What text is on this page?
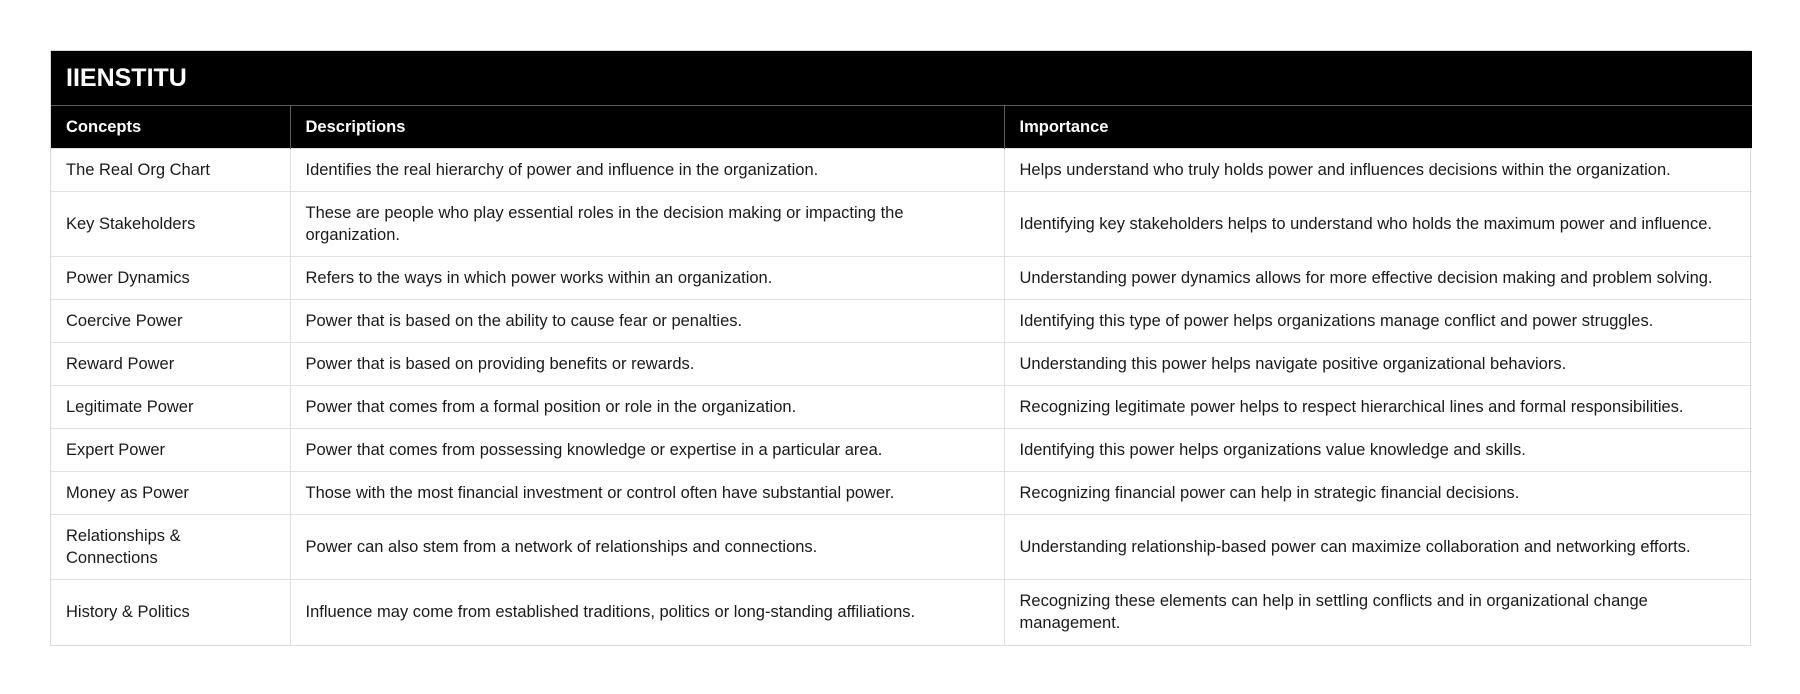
IIENSTITU
Concepts	Descriptions	Importance
The Real Org Chart	Identifies the real hierarchy of power and influence in the organization.	Helps understand who truly holds power and influences decisions within the organization.
Key Stakeholders	These are people who play essential roles in the decision making or impacting the organization.	Identifying key stakeholders helps to understand who holds the maximum power and influence.
Power Dynamics	Refers to the ways in which power works within an organization.	Understanding power dynamics allows for more effective decision making and problem solving.
Coercive Power	Power that is based on the ability to cause fear or penalties.	Identifying this type of power helps organizations manage conflict and power struggles.
Reward Power	Power that is based on providing benefits or rewards.	Understanding this power helps navigate positive organizational behaviors.
Legitimate Power	Power that comes from a formal position or role in the organization.	Recognizing legitimate power helps to respect hierarchical lines and formal responsibilities.
Expert Power	Power that comes from possessing knowledge or expertise in a particular area.	Identifying this power helps organizations value knowledge and skills.
Money as Power	Those with the most financial investment or control often have substantial power.	Recognizing financial power can help in strategic financial decisions.
Relationships & Connections	Power can also stem from a network of relationships and connections.	Understanding relationship-based power can maximize collaboration and networking efforts.
History & Politics	Influence may come from established traditions, politics or long-standing affiliations.	Recognizing these elements can help in settling conflicts and in organizational change management.
